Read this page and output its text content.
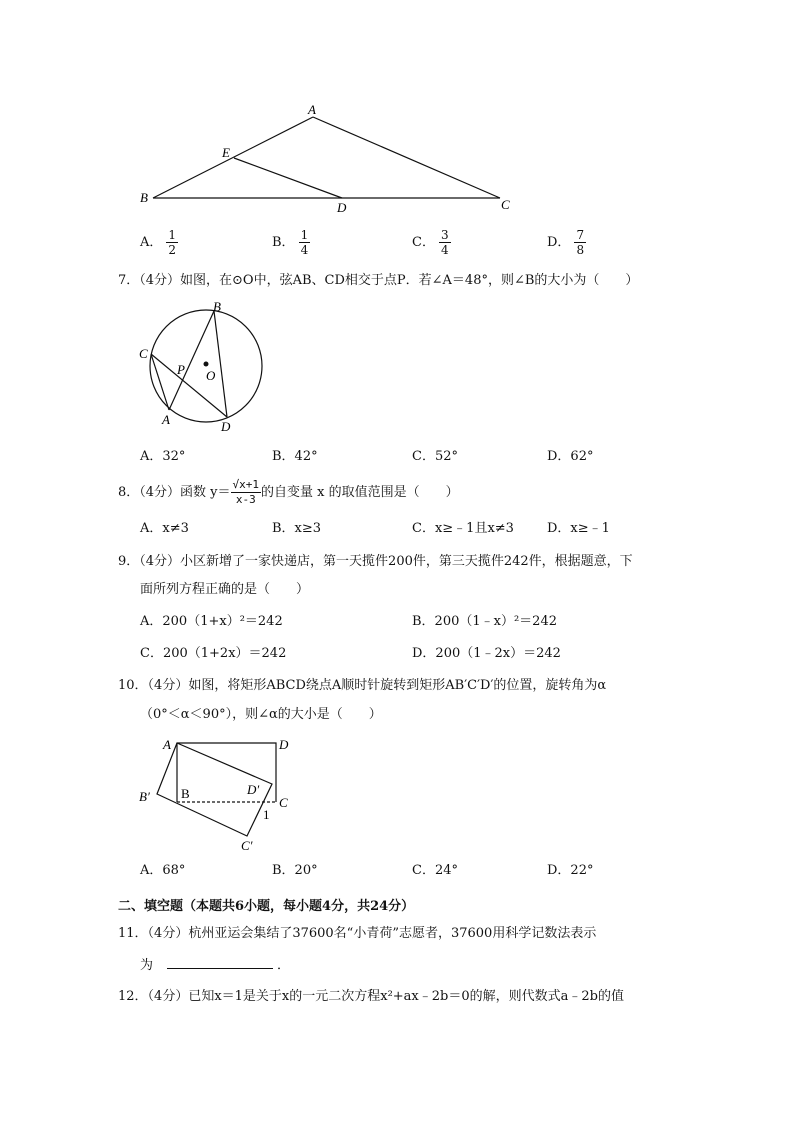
A
E
B
D	C
A． $\frac{1}{2}$	B． $\frac{1}{4}$	C． $\frac{3}{4}$	D． $\frac{7}{8}$
7．（4分）如图，在⊙O中，弦AB、CD相交于点P．若∠A＝48°，则∠B的大小为（　　）
B
C
P O
A	D
A．32°	B．42°	C．52°	D．62°
8．（4分）函数 $y= \frac{√x+1}{x-3}$ 的自变量 x 的取值范围是（　　）
A．x≠3	B．x≥3	C．x≥﹣1且x≠3	D．x≥﹣1
9．（4分）小区新增了一家快递店，第一天揽件200件，第三天揽件242件，根据题意，下
面所列方程正确的是（　　）
A．200（1+x）²＝242	B．200（1﹣x）²＝242
C．200（1+2x）＝242	D．200（1﹣2x）＝242
10．（4分）如图，将矩形ABCD绕点A顺时针旋转到矩形AB′C′D′的位置，旋转角为α
（0°＜α＜90°），则∠α的大小是（　　）
A	D
B′ B	D′
C
1
C′
A．68°	B．20°	C．24°	D．22°
二、填空题（本题共6小题，每小题4分，共24分）
11．（4分）杭州亚运会集结了37600名“小青荷”志愿者，37600用科学记数法表示
为	．
12．（4分）已知x＝1是关于x的一元二次方程x²+ax﹣2b＝0的解，则代数式a﹣2b的值
